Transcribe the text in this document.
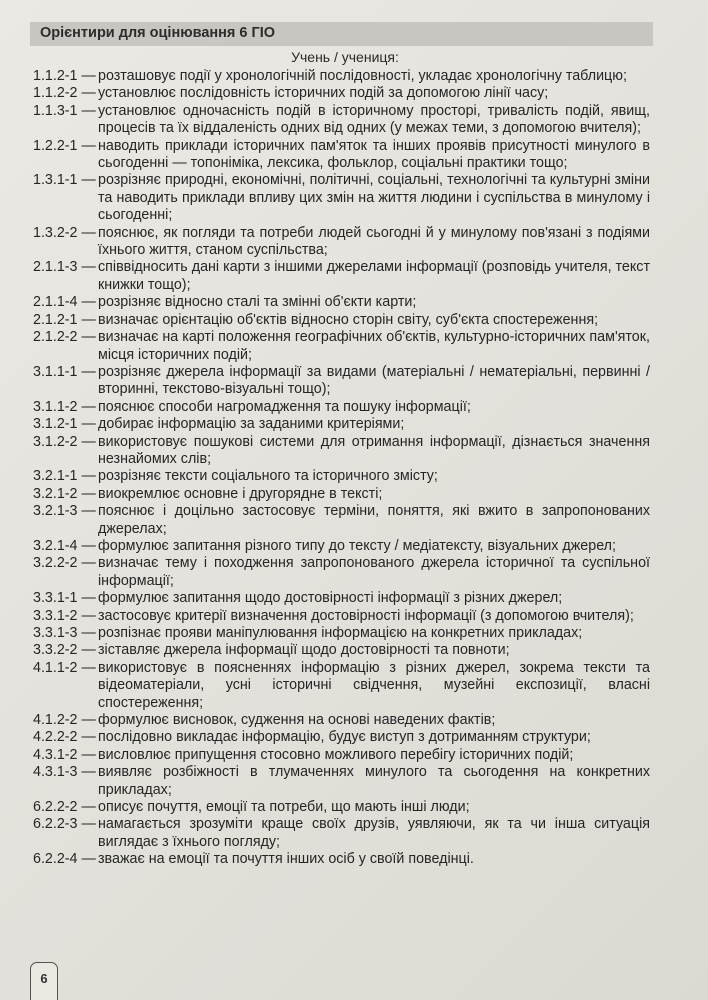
Орієнтири для оцінювання 6 ГІО
Учень / учениця:
1.1.2-1 — розташовує події у хронологічній послідовності, укладає хронологічну таблицю;
1.1.2-2 — установлює послідовність історичних подій за допомогою лінії часу;
1.1.3-1 — установлює одночасність подій в історичному просторі, тривалість подій, явищ, процесів та їх віддаленість одних від одних (у межах теми, з допомогою вчителя);
1.2.2-1 — наводить приклади історичних пам'яток та інших проявів присутності минулого в сьогоденні — топоніміка, лексика, фольклор, соціальні практики тощо;
1.3.1-1 — розрізняє природні, економічні, політичні, соціальні, технологічні та культурні зміни та наводить приклади впливу цих змін на життя людини і суспільства в минулому і сьогоденні;
1.3.2-2 — пояснює, як погляди та потреби людей сьогодні й у минулому пов'язані з подіями їхнього життя, станом суспільства;
2.1.1-3 — співвідносить дані карти з іншими джерелами інформації (розповідь учителя, текст книжки тощо);
2.1.1-4 — розрізняє відносно сталі та змінні об'єкти карти;
2.1.2-1 — визначає орієнтацію об'єктів відносно сторін світу, суб'єкта спостереження;
2.1.2-2 — визначає на карті положення географічних об'єктів, культурно-історичних пам'яток, місця історичних подій;
3.1.1-1 — розрізняє джерела інформації за видами (матеріальні / нематеріальні, первинні / вторинні, текстово-візуальні тощо);
3.1.1-2 — пояснює способи нагромадження та пошуку інформації;
3.1.2-1 — добирає інформацію за заданими критеріями;
3.1.2-2 — використовує пошукові системи для отримання інформації, дізнається значення незнайомих слів;
3.2.1-1 — розрізняє тексти соціального та історичного змісту;
3.2.1-2 — виокремлює основне і другорядне в тексті;
3.2.1-3 — пояснює і доцільно застосовує терміни, поняття, які вжито в запропонованих джерелах;
3.2.1-4 — формулює запитання різного типу до тексту / медіатексту, візуальних джерел;
3.2.2-2 — визначає тему і походження запропонованого джерела історичної та суспільної інформації;
3.3.1-1 — формулює запитання щодо достовірності інформації з різних джерел;
3.3.1-2 — застосовує критерії визначення достовірності інформації (з допомогою вчителя);
3.3.1-3 — розпізнає прояви маніпулювання інформацією на конкретних прикладах;
3.3.2-2 — зіставляє джерела інформації щодо достовірності та повноти;
4.1.1-2 — використовує в поясненнях інформацію з різних джерел, зокрема тексти та відеоматеріали, усні історичні свідчення, музейні експозиції, власні спостереження;
4.1.2-2 — формулює висновок, судження на основі наведених фактів;
4.2.2-2 — послідовно викладає інформацію, будує виступ з дотриманням структури;
4.3.1-2 — висловлює припущення стосовно можливого перебігу історичних подій;
4.3.1-3 — виявляє розбіжності в тлумаченнях минулого та сьогодення на конкретних прикладах;
6.2.2-2 — описує почуття, емоції та потреби, що мають інші люди;
6.2.2-3 — намагається зрозуміти краще своїх друзів, уявляючи, як та чи інша ситуація виглядає з їхнього погляду;
6.2.2-4 — зважає на емоції та почуття інших осіб у своїй поведінці.
6
